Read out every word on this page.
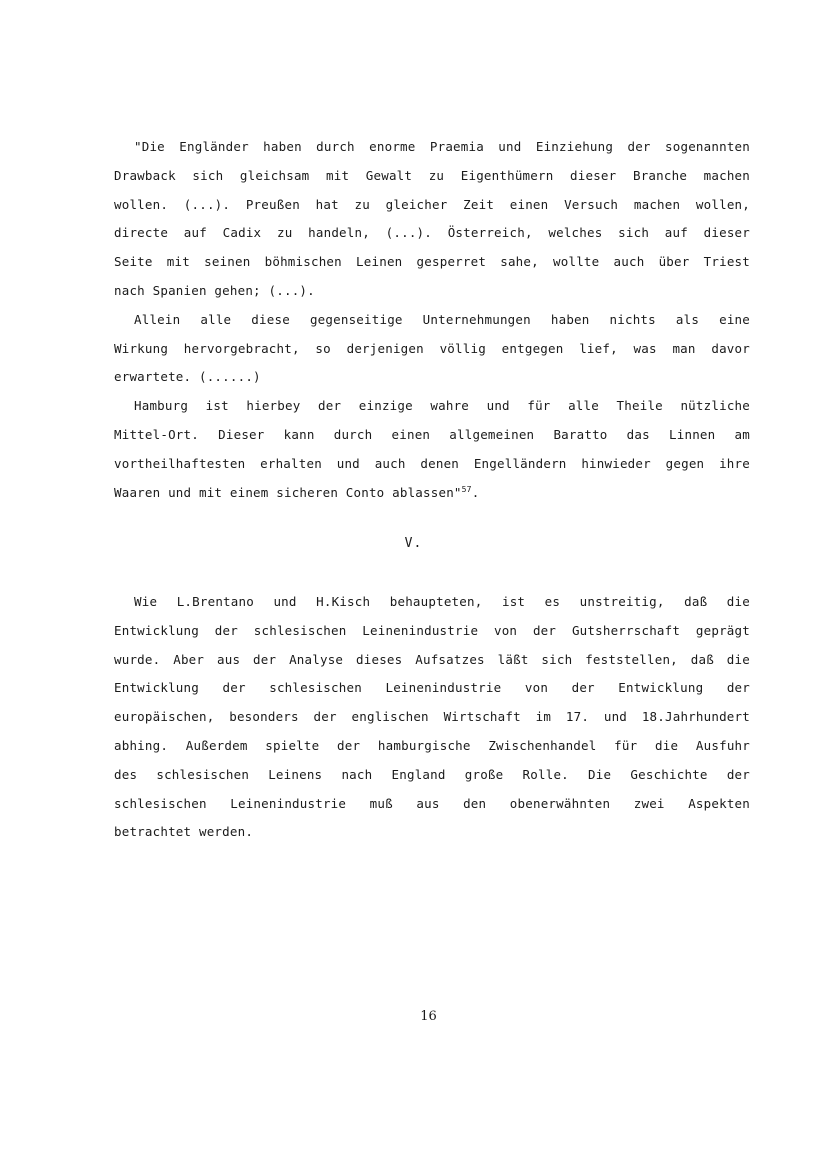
"Die Engländer haben durch enorme Praemia und Einziehung der sogenannten
Drawback sich gleichsam mit Gewalt zu Eigenthümern dieser Branche machen
wollen. (...). Preußen hat zu gleicher Zeit einen Versuch machen wollen,
directe auf Cadix zu handeln, (...). Österreich, welches sich auf dieser
Seite mit seinen böhmischen Leinen gesperret sahe, wollte auch über Triest
nach Spanien gehen; (...).
Allein alle diese gegenseitige Unternehmungen haben nichts als eine
Wirkung hervorgebracht, so derjenigen völlig entgegen lief, was man davor
erwartete. (......)
Hamburg ist hierbey der einzige wahre und für alle Theile nützliche
Mittel-Ort. Dieser kann durch einen allgemeinen Baratto das Linnen am
vortheilhaftesten erhalten und auch denen Engelländern hinwieder gegen ihre
Waaren und mit einem sicheren Conto ablassen"$^{57}$.
V.
Wie L.Brentano und H.Kisch behaupteten, ist es unstreitig, daß die
Entwicklung der schlesischen Leinenindustrie von der Gutsherrschaft geprägt
wurde. Aber aus der Analyse dieses Aufsatzes läßt sich feststellen, daß die
Entwicklung der schlesischen Leinenindustrie von der Entwicklung der
europäischen, besonders der englischen Wirtschaft im 17. und 18.Jahrhundert
abhing. Außerdem spielte der hamburgische Zwischenhandel für die Ausfuhr
des schlesischen Leinens nach England große Rolle. Die Geschichte der
schlesischen Leinenindustrie muß aus den obenerwähnten zwei Aspekten
betrachtet werden.
16
